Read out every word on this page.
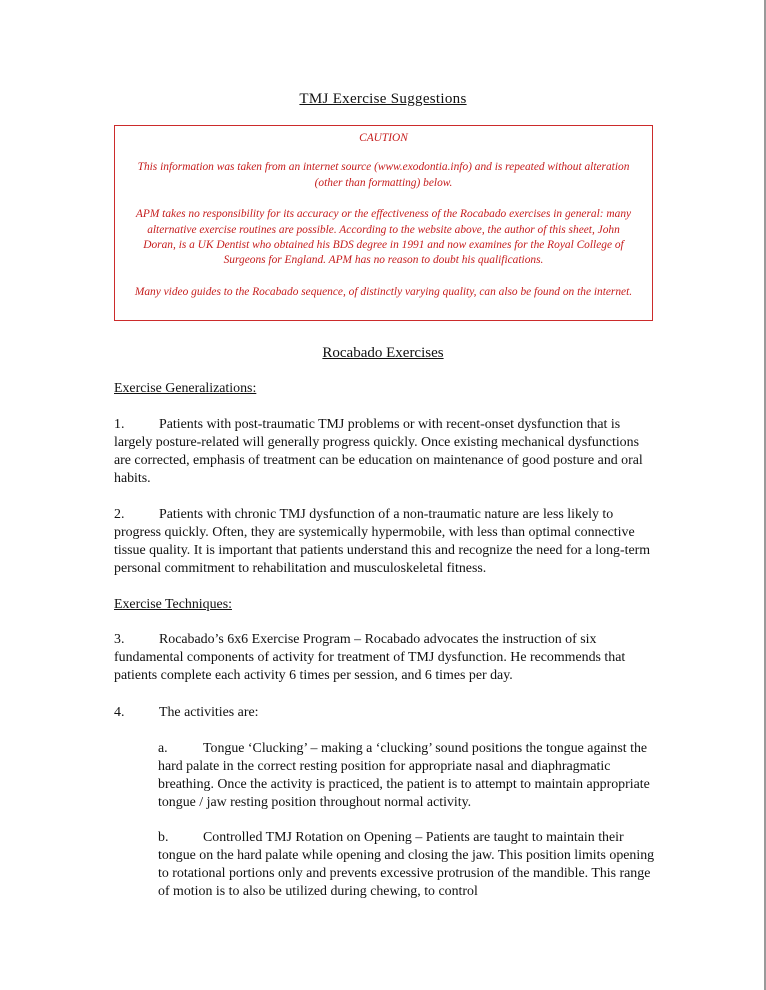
TMJ Exercise Suggestions

CAUTION

This information was taken from an internet source (www.exodontia.info) and is repeated without alteration (other than formatting) below.

APM takes no responsibility for its accuracy or the effectiveness of the Rocabado exercises in general: many alternative exercise routines are possible. According to the website above, the author of this sheet, John Doran, is a UK Dentist who obtained his BDS degree in 1991 and now examines for the Royal College of Surgeons for England. APM has no reason to doubt his qualifications.

Many video guides to the Rocabado sequence, of distinctly varying quality, can also be found on the internet.

Rocabado Exercises
Exercise Generalizations:
1. Patients with post-traumatic TMJ problems or with recent-onset dysfunction that is largely posture-related will generally progress quickly. Once existing mechanical dysfunctions are corrected, emphasis of treatment can be education on maintenance of good posture and oral habits.
2. Patients with chronic TMJ dysfunction of a non-traumatic nature are less likely to progress quickly. Often, they are systemically hypermobile, with less than optimal connective tissue quality. It is important that patients understand this and recognize the need for a long-term personal commitment to rehabilitation and musculoskeletal fitness.
Exercise Techniques:
3. Rocabado’s 6x6 Exercise Program – Rocabado advocates the instruction of six fundamental components of activity for treatment of TMJ dysfunction. He recommends that patients complete each activity 6 times per session, and 6 times per day.
4. The activities are:
a.	Tongue ‘Clucking’ – making a ‘clucking’ sound positions the tongue against the hard palate in the correct resting position for appropriate nasal and diaphragmatic breathing. Once the activity is practiced, the patient is to attempt to maintain appropriate tongue / jaw resting position throughout normal activity.
b. Controlled TMJ Rotation on Opening – Patients are taught to maintain their tongue on the hard palate while opening and closing the jaw. This position limits opening to rotational portions only and prevents excessive protrusion of the mandible. This range of motion is to also be utilized during chewing, to control
